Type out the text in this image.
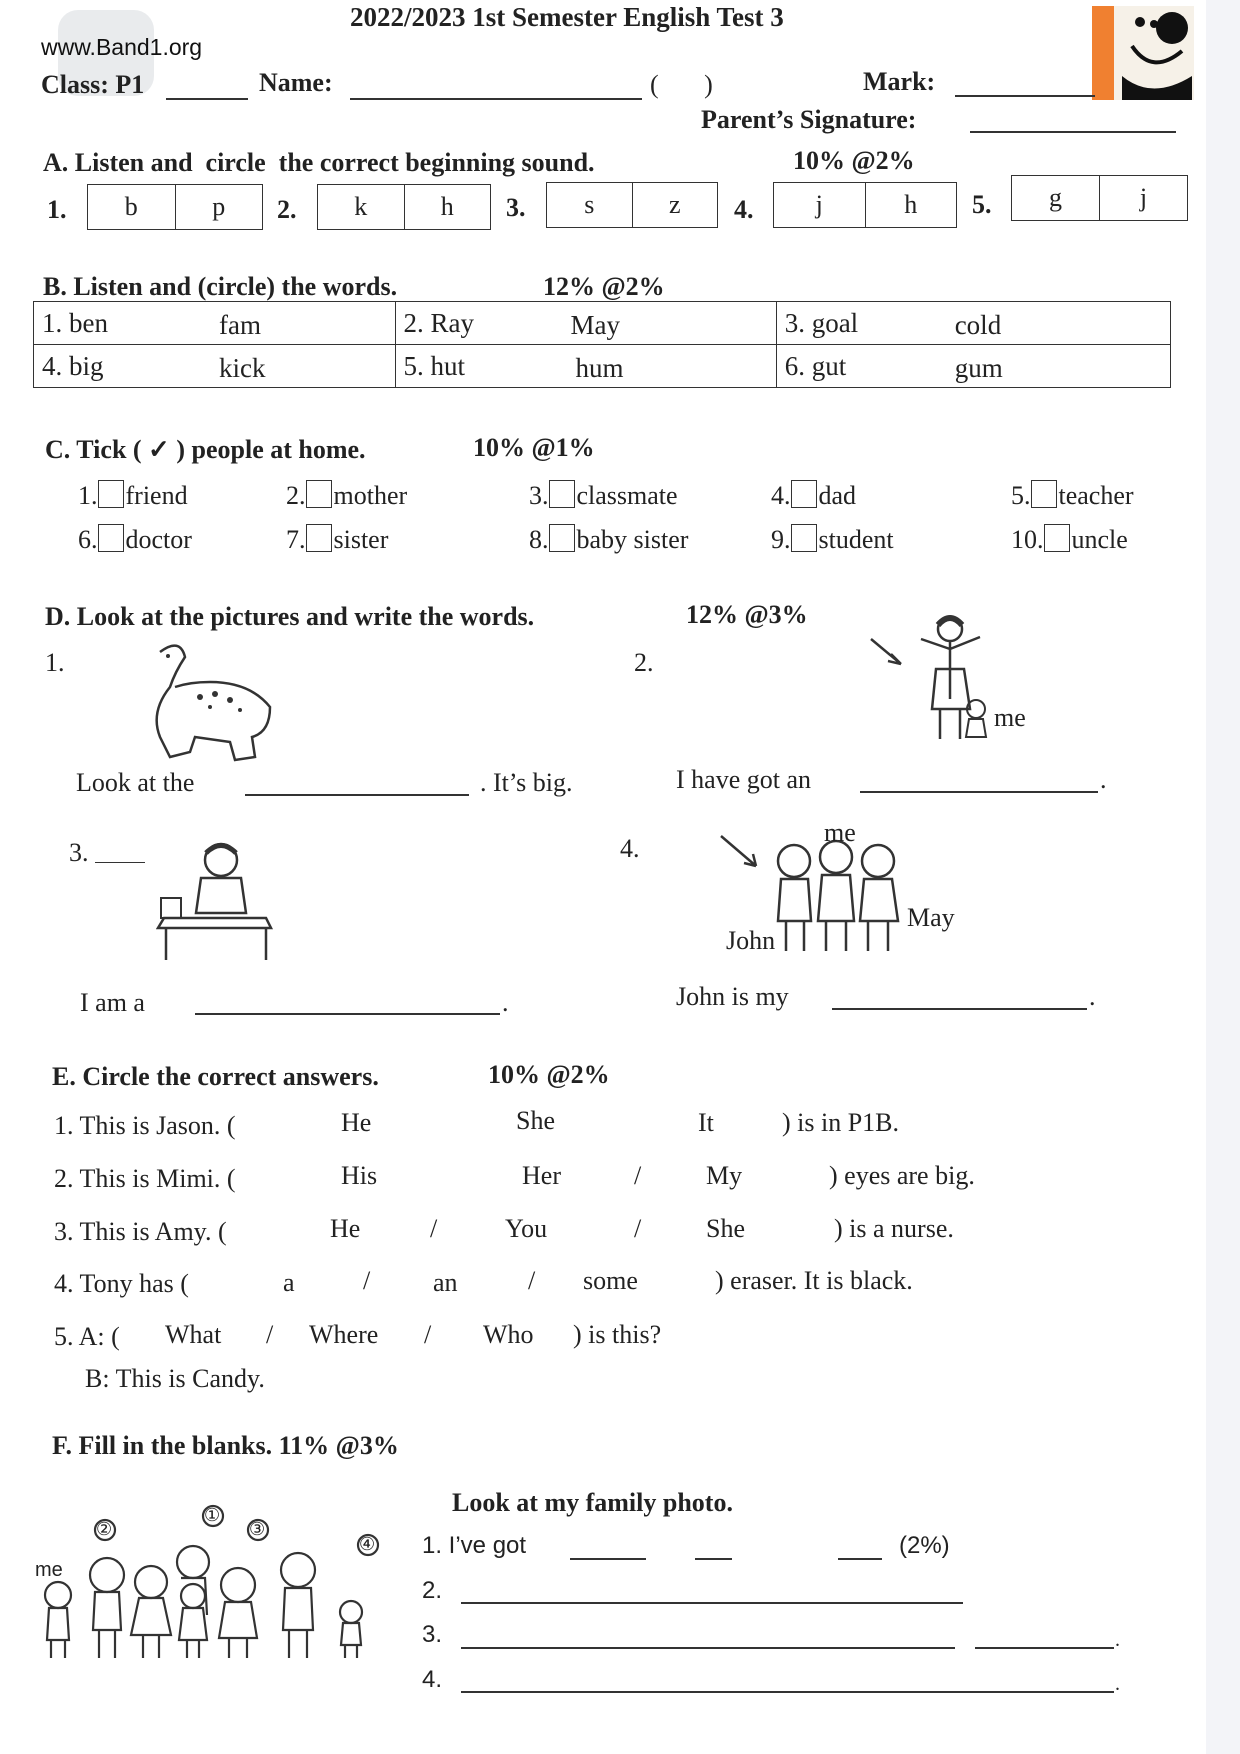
www.Band1.org
2022/2023 1st Semester English Test 3
Class: P1	Name:	(       )	Mark:
Parent’s Signature:
A. Listen and  circle  the correct beginning sound.	10% @2%
1.	b	p	2.	k	h	3.	s	z	4.	j	h	5.	g	j
B. Listen and (circle) the words.	12% @2%
1. ben fam	2. Ray May	3. goal cold

4. big kick	5. hut hum	6. gut gum
C. Tick ( ✓ ) people at home.	10% @1%
1. friend	2. mother	3. classmate	4. dad	5. teacher
6. doctor	7. sister	8. baby sister	9. student	10. uncle
D. Look at the pictures and write the words.	12% @3%
1.
Look at the	. It’s big.
2.
me
I have got an	.
3.
I am a	.
4.
me
John
May
John is my	.
E. Circle the correct answers.	10% @2%
1. This is Jason. (	He	She	It	) is in P1B.
2. This is Mimi. (	His	Her	/ My	) eyes are big.
3. This is Amy. (	He	/	You	/ She	) is a nurse.
4. Tony has (	a	/ an	/ some	) eraser. It is black.
5. A: ( What / Where / Who ) is this?
B: This is Candy.
F. Fill in the blanks. 11% @3%
me
②
①
③
④
Look at my family photo.
1. I’ve got	(2%)
2.
3.	.
4.	.
